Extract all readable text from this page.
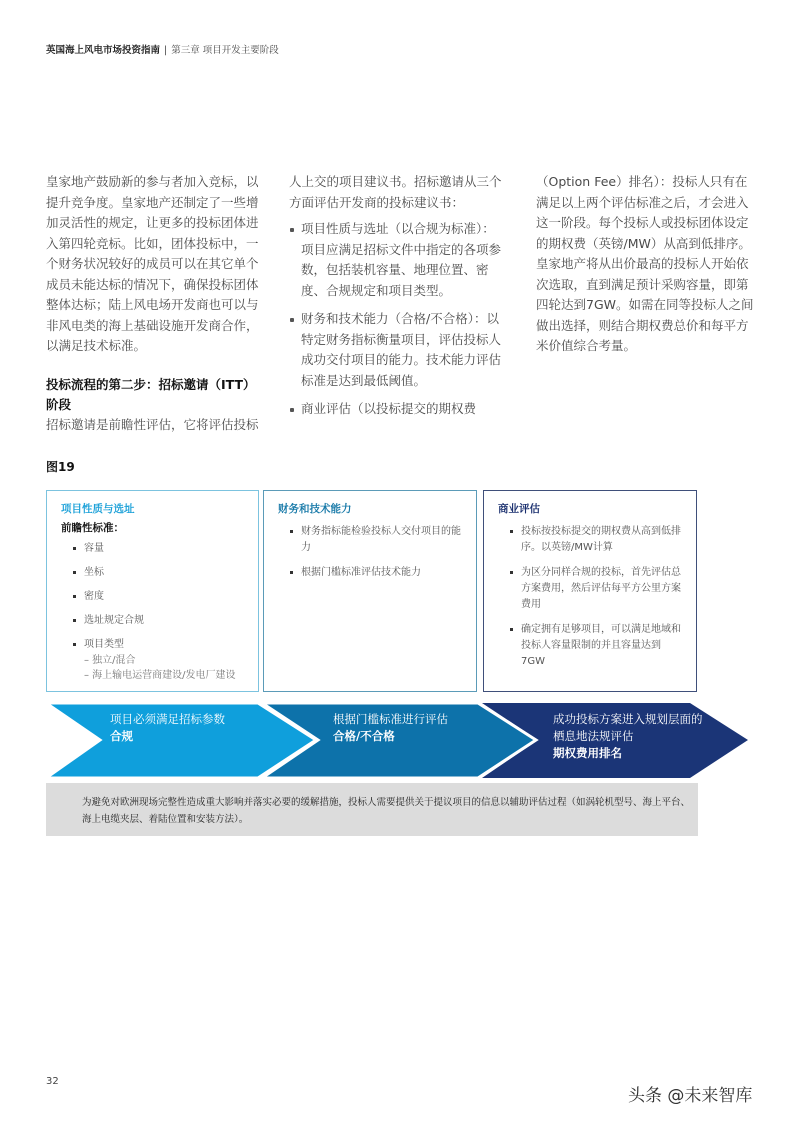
英国海上风电市场投资指南 | 第三章 项目开发主要阶段

皇家地产鼓励新的参与者加入竞标，以提升竞争度。皇家地产还制定了一些增加灵活性的规定，让更多的投标团体进入第四轮竞标。比如，团体投标中，一个财务状况较好的成员可以在其它单个成员未能达标的情况下，确保投标团体整体达标；陆上风电场开发商也可以与非风电类的海上基础设施开发商合作，以满足技术标准。

投标流程的第二步：招标邀请（ITT）阶段

招标邀请是前瞻性评估，它将评估投标

人上交的项目建议书。招标邀请从三个方面评估开发商的投标建议书：

项目性质与选址（以合规为标准）：项目应满足招标文件中指定的各项参数，包括装机容量、地理位置、密度、合规规定和项目类型。
财务和技术能力（合格/不合格）：以特定财务指标衡量项目，评估投标人成功交付项目的能力。技术能力评估标准是达到最低阈值。
商业评估（以投标提交的期权费

（Option Fee）排名）：投标人只有在满足以上两个评估标准之后，才会进入这一阶段。每个投标人或投标团体设定的期权费（英镑/MW）从高到低排序。皇家地产将从出价最高的投标人开始依次选取，直到满足预计采购容量，即第四轮达到7GW。如需在同等投标人之间做出选择，则结合期权费总价和每平方米价值综合考量。

图19
项目性质与选址
前瞻性标准：
容量
坐标
密度
选址规定合规
项目类型
– 独立/混合
– 海上输电运营商建设/发电厂建设
财务和技术能力
财务指标能检验投标人交付项目的能力
根据门槛标准评估技术能力
商业评估
投标按投标提交的期权费从高到低排序。以英镑/MW计算
为区分同样合规的投标，首先评估总方案费用，然后评估每平方公里方案费用
确定拥有足够项目，可以满足地域和投标人容量限制的并且容量达到7GW
项目必须满足招标参数
合规
根据门槛标准进行评估
合格/不合格
成功投标方案进入规划层面的栖息地法规评估
期权费用排名
为避免对欧洲现场完整性造成重大影响并落实必要的缓解措施，投标人需要提供关于提议项目的信息以辅助评估过程（如涡轮机型号、海上平台、海上电缆夹层、着陆位置和安装方法）。
32
头条 @未来智库
